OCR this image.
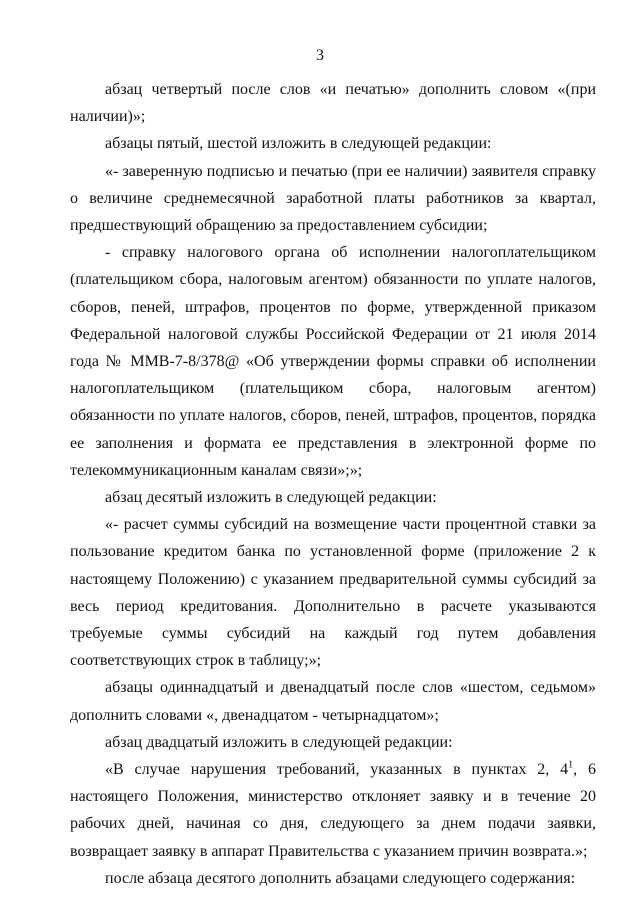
3

абзац четвертый после слов «и печатью» дополнить словом «(при наличии)»;

абзацы пятый, шестой изложить в следующей редакции:

«- заверенную подписью и печатью (при ее наличии) заявителя справку о величине среднемесячной заработной платы работников за квартал, предшествующий обращению за предоставлением субсидии;

- справку налогового органа об исполнении налогоплательщиком (плательщиком сбора, налоговым агентом) обязанности по уплате налогов, сборов, пеней, штрафов, процентов по форме, утвержденной приказом Федеральной налоговой службы Российской Федерации от 21 июля 2014 года № ММВ-7-8/378@ «Об утверждении формы справки об исполнении налогоплательщиком (плательщиком сбора, налоговым агентом) обязанности по уплате налогов, сборов, пеней, штрафов, процентов, порядка ее заполнения и формата ее представления в электронной форме по телекоммуникационным каналам связи»;»;

абзац десятый изложить в следующей редакции:

«- расчет суммы субсидий на возмещение части процентной ставки за пользование кредитом банка по установленной форме (приложение 2 к настоящему Положению) с указанием предварительной суммы субсидий за весь период кредитования. Дополнительно в расчете указываются требуемые суммы субсидий на каждый год путем добавления соответствующих строк в таблицу;»;

абзацы одиннадцатый и двенадцатый после слов «шестом, седьмом» дополнить словами «, двенадцатом - четырнадцатом»;

абзац двадцатый изложить в следующей редакции:

«В случае нарушения требований, указанных в пунктах 2, $4^1$, 6 настоящего Положения, министерство отклоняет заявку и в течение 20 рабочих дней, начиная со дня, следующего за днем подачи заявки, возвращает заявку в аппарат Правительства с указанием причин возврата.»;

после абзаца десятого дополнить абзацами следующего содержания:
